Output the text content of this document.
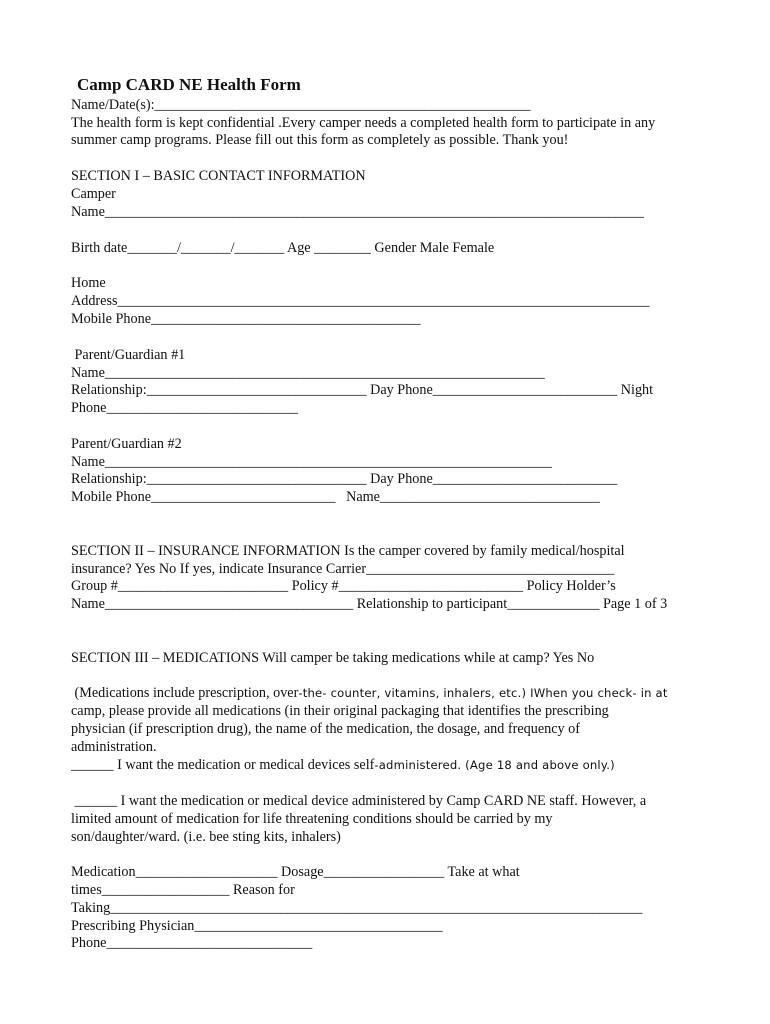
Camp CARD NE Health Form
Name/Date(s):_____________________________________________________
The health form is kept confidential .Every camper needs a completed health form to participate in any
summer camp programs. Please fill out this form as completely as possible. Thank you!
SECTION I – BASIC CONTACT INFORMATION
Camper
Name____________________________________________________________________________
Birth date_______/_______/_______ Age ________ Gender Male Female
Home
Address___________________________________________________________________________
Mobile Phone______________________________________
Parent/Guardian #1
Name______________________________________________________________
Relationship:_______________________________ Day Phone__________________________ Night
Phone___________________________
Parent/Guardian #2
Name_______________________________________________________________
Relationship:_______________________________ Day Phone__________________________
Mobile Phone__________________________   Name_______________________________
SECTION II – INSURANCE INFORMATION Is the camper covered by family medical/hospital
insurance? Yes No If yes, indicate Insurance Carrier___________________________________
Group #________________________ Policy #__________________________ Policy Holder’s
Name___________________________________ Relationship to participant_____________ Page 1 of 3
SECTION III – MEDICATIONS Will camper be taking medications while at camp? Yes No
(Medications include prescription, over-the- counter, vitamins, inhalers, etc.) IWhen you check- in at
camp, please provide all medications (in their original packaging that identifies the prescribing
physician (if prescription drug), the name of the medication, the dosage, and frequency of
administration.
______ I want the medication or medical devices self-administered. (Age 18 and above only.)
______ I want the medication or medical device administered by Camp CARD NE staff. However, a
limited amount of medication for life threatening conditions should be carried by my
son/daughter/ward. (i.e. bee sting kits, inhalers)
Medication____________________ Dosage_________________ Take at what
times__________________ Reason for
Taking___________________________________________________________________________
Prescribing Physician___________________________________
Phone_____________________________
